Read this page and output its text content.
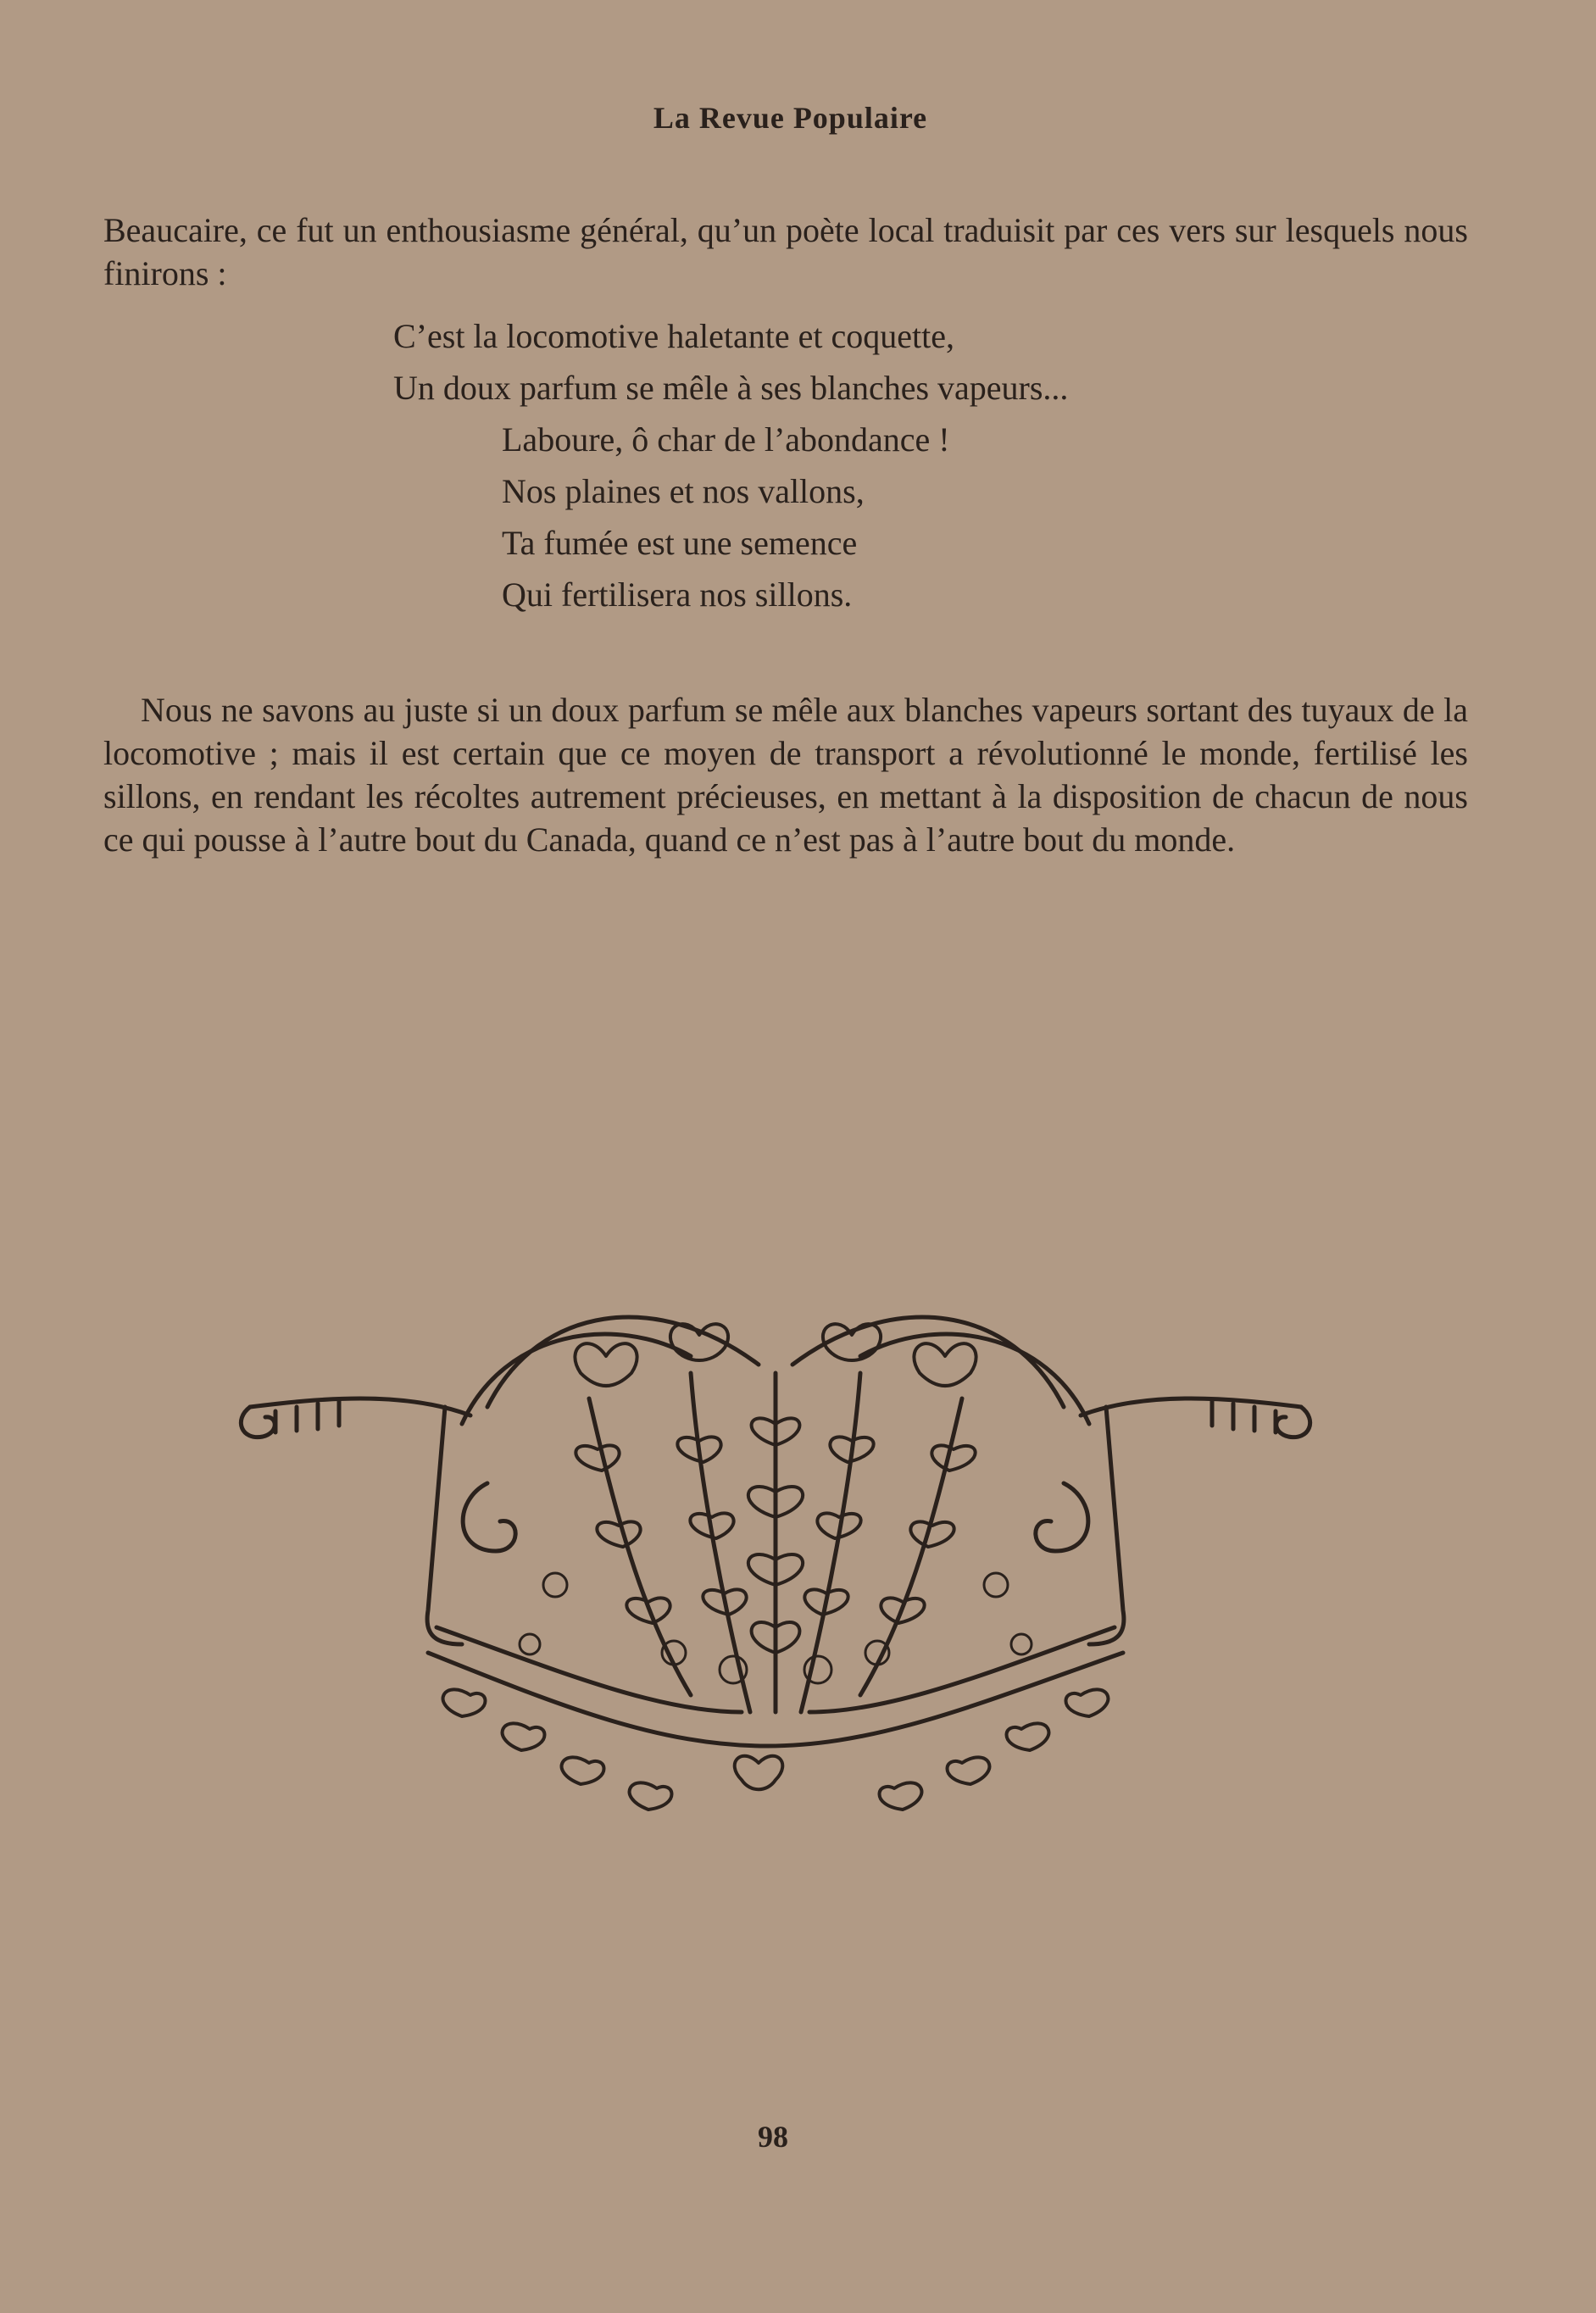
La Revue Populaire

Beaucaire, ce fut un enthousiasme général, qu’un poète local traduisit par ces vers sur lesquels nous finirons :

C’est la locomotive haletante et coquette,
Un doux parfum se mêle à ses blanches vapeurs...
Laboure, ô char de l’abondance !
Nos plaines et nos vallons,
Ta fumée est une semence
Qui fertilisera nos sillons.

Nous ne savons au juste si un doux parfum se mêle aux blanches vapeurs sortant des tuyaux de la locomotive ; mais il est certain que ce moyen de transport a révolutionné le monde, fertilisé les sillons, en rendant les récoltes autrement précieuses, en mettant à la disposition de chacun de nous ce qui pousse à l’autre bout du Canada, quand ce n’est pas à l’autre bout du monde.

98
